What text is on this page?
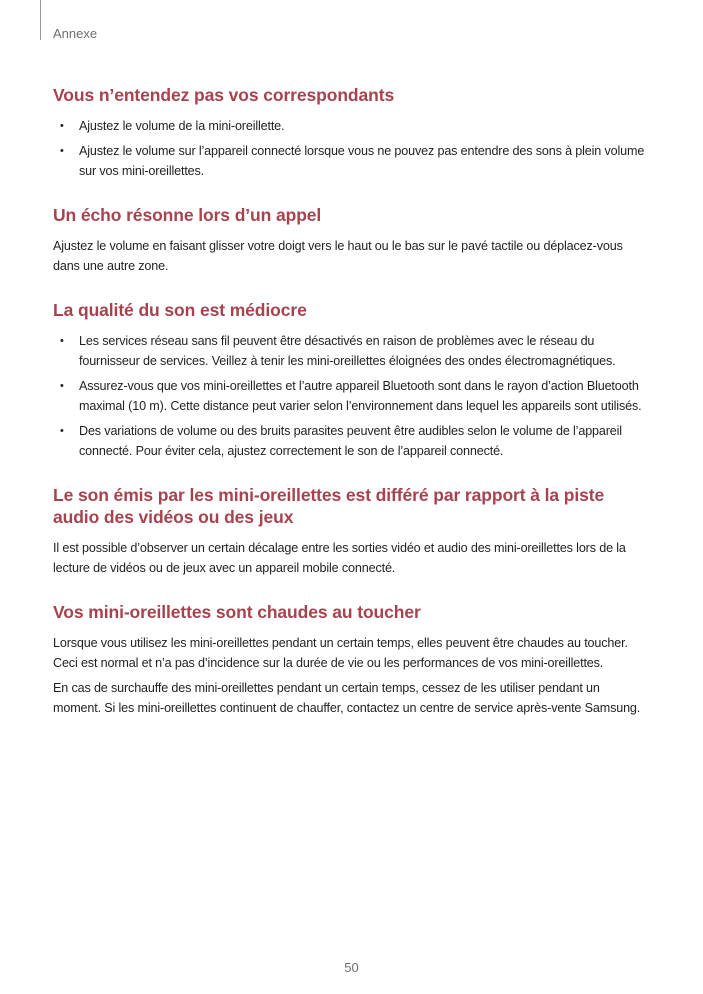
Annexe
Vous n’entendez pas vos correspondants
• Ajustez le volume de la mini-oreillette.
• Ajustez le volume sur l’appareil connecté lorsque vous ne pouvez pas entendre des sons à plein volume sur vos mini-oreillettes.
Un écho résonne lors d’un appel

Ajustez le volume en faisant glisser votre doigt vers le haut ou le bas sur le pavé tactile ou déplacez-vous dans une autre zone.

La qualité du son est médiocre
• Les services réseau sans fil peuvent être désactivés en raison de problèmes avec le réseau du fournisseur de services. Veillez à tenir les mini-oreillettes éloignées des ondes électromagnétiques.
• Assurez-vous que vos mini-oreillettes et l’autre appareil Bluetooth sont dans le rayon d’action Bluetooth maximal (10 m). Cette distance peut varier selon l’environnement dans lequel les appareils sont utilisés.
• Des variations de volume ou des bruits parasites peuvent être audibles selon le volume de l’appareil connecté. Pour éviter cela, ajustez correctement le son de l’appareil connecté.
Le son émis par les mini-oreillettes est différé par rapport à la piste audio des vidéos ou des jeux

Il est possible d’observer un certain décalage entre les sorties vidéo et audio des mini-oreillettes lors de la lecture de vidéos ou de jeux avec un appareil mobile connecté.

Vos mini-oreillettes sont chaudes au toucher

Lorsque vous utilisez les mini-oreillettes pendant un certain temps, elles peuvent être chaudes au toucher. Ceci est normal et n’a pas d’incidence sur la durée de vie ou les performances de vos mini-oreillettes.

En cas de surchauffe des mini-oreillettes pendant un certain temps, cessez de les utiliser pendant un moment. Si les mini-oreillettes continuent de chauffer, contactez un centre de service après-vente Samsung.

50
